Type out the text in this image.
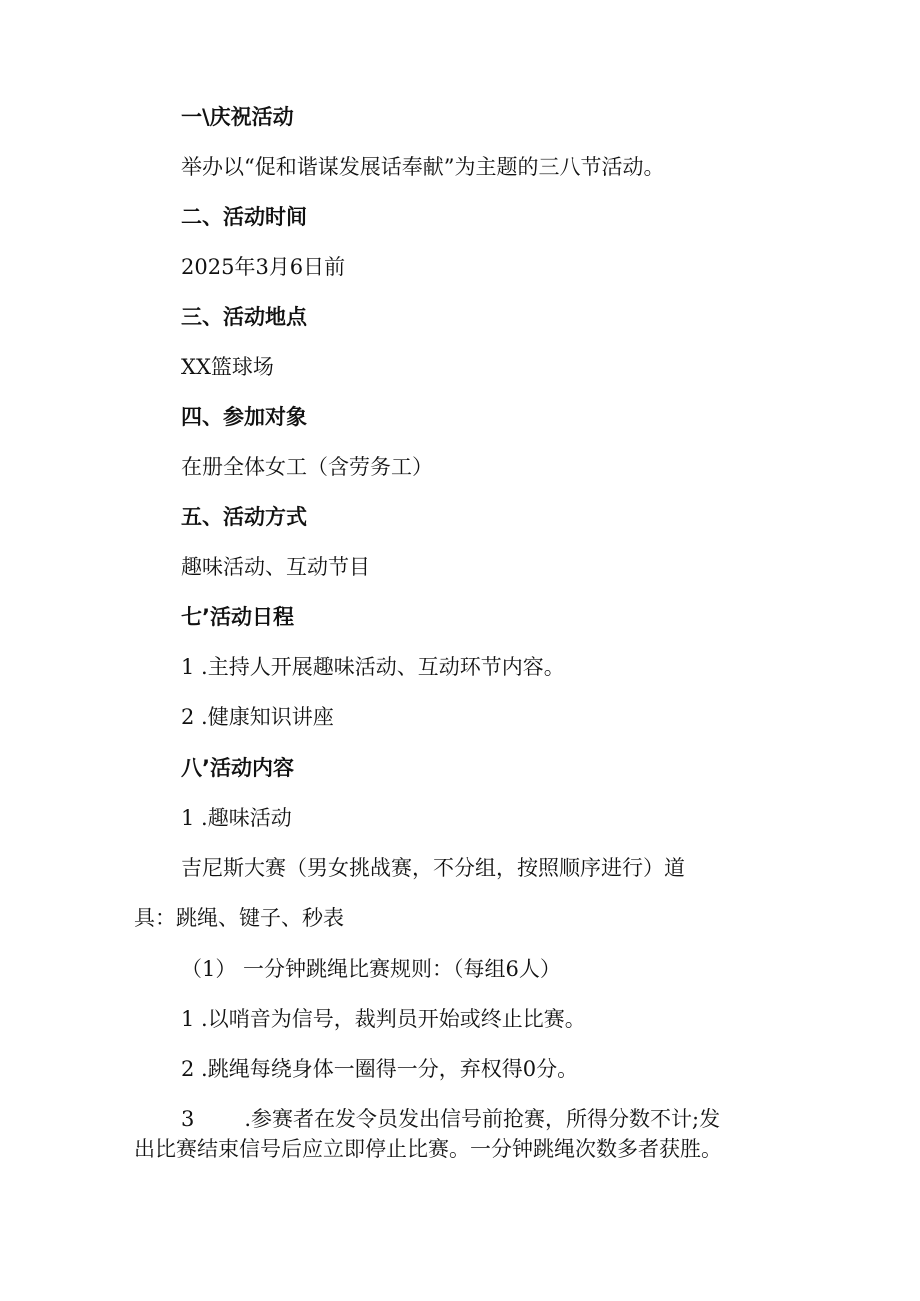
一\庆祝活动
举办以“促和谐谋发展话奉献”为主题的三八节活动。
二、活动时间
2025年3月6日前
三、活动地点
XX篮球场
四、参加对象
在册全体女工（含劳务工）
五、活动方式
趣味活动、互动节目
七’活动日程
1 .主持人开展趣味活动、互动环节内容。
2 .健康知识讲座
八’活动内容
1 .趣味活动
吉尼斯大赛（男女挑战赛，不分组，按照顺序进行）道
具：跳绳、键子、秒表
（1） 一分钟跳绳比赛规则：（每组6人）
1 .以哨音为信号，裁判员开始或终止比赛。
2 .跳绳每绕身体一圈得一分，弃权得0分。
3 .参赛者在发令员发出信号前抢赛，所得分数不计;发
出比赛结束信号后应立即停止比赛。一分钟跳绳次数多者获胜。
